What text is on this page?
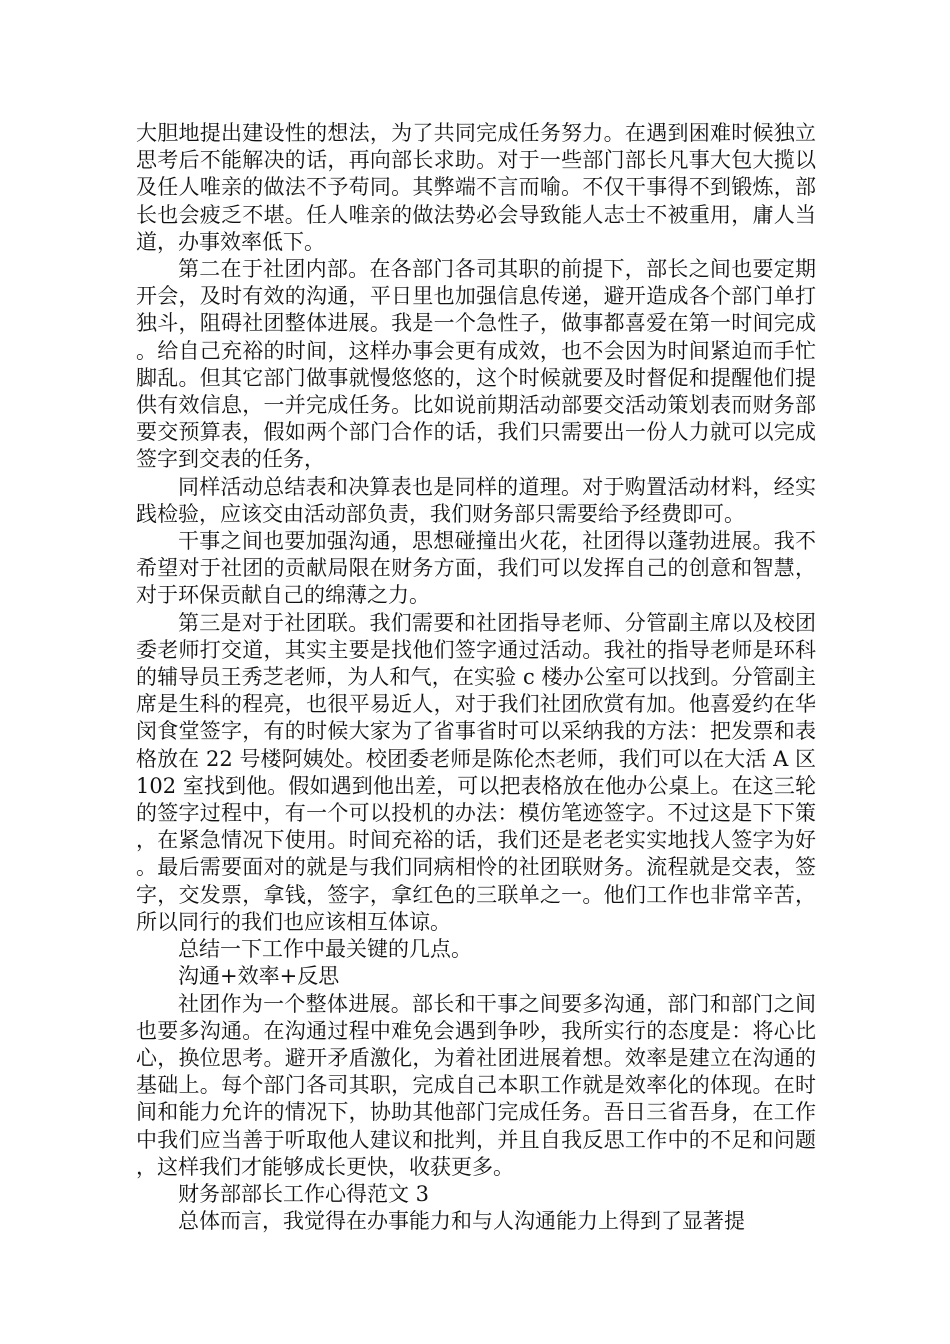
大胆地提出建设性的想法，为了共同完成任务努力。在遇到困难时候独立思考后不能解决的话，再向部长求助。对于一些部门部长凡事大包大揽以及任人唯亲的做法不予苟同。其弊端不言而喻。不仅干事得不到锻炼，部长也会疲乏不堪。任人唯亲的做法势必会导致能人志士不被重用，庸人当道，办事效率低下。

第二在于社团内部。在各部门各司其职的前提下，部长之间也要定期开会，及时有效的沟通，平日里也加强信息传递，避开造成各个部门单打独斗，阻碍社团整体进展。我是一个急性子，做事都喜爱在第一时间完成。给自己充裕的时间，这样办事会更有成效，也不会因为时间紧迫而手忙脚乱。但其它部门做事就慢悠悠的，这个时候就要及时督促和提醒他们提供有效信息，一并完成任务。比如说前期活动部要交活动策划表而财务部要交预算表，假如两个部门合作的话，我们只需要出一份人力就可以完成签字到交表的任务，

同样活动总结表和决算表也是同样的道理。对于购置活动材料，经实践检验，应该交由活动部负责，我们财务部只需要给予经费即可。

干事之间也要加强沟通，思想碰撞出火花，社团得以蓬勃进展。我不希望对于社团的贡献局限在财务方面，我们可以发挥自己的创意和智慧，对于环保贡献自己的绵薄之力。

第三是对于社团联。我们需要和社团指导老师、分管副主席以及校团委老师打交道，其实主要是找他们签字通过活动。我社的指导老师是环科的辅导员王秀芝老师，为人和气，在实验 c 楼办公室可以找到。分管副主席是生科的程亮，也很平易近人，对于我们社团欣赏有加。他喜爱约在华闵食堂签字，有的时候大家为了省事省时可以采纳我的方法：把发票和表格放在 22 号楼阿姨处。校团委老师是陈伦杰老师，我们可以在大活 A 区 102 室找到他。假如遇到他出差，可以把表格放在他办公桌上。在这三轮的签字过程中，有一个可以投机的办法：模仿笔迹签字。不过这是下下策，在紧急情况下使用。时间充裕的话，我们还是老老实实地找人签字为好。最后需要面对的就是与我们同病相怜的社团联财务。流程就是交表，签字，交发票，拿钱，签字，拿红色的三联单之一。他们工作也非常辛苦，所以同行的我们也应该相互体谅。

总结一下工作中最关键的几点。

沟通+效率+反思

社团作为一个整体进展。部长和干事之间要多沟通，部门和部门之间也要多沟通。在沟通过程中难免会遇到争吵，我所实行的态度是：将心比心，换位思考。避开矛盾激化，为着社团进展着想。效率是建立在沟通的基础上。每个部门各司其职，完成自己本职工作就是效率化的体现。在时间和能力允许的情况下，协助其他部门完成任务。吾日三省吾身，在工作中我们应当善于听取他人建议和批判，并且自我反思工作中的不足和问题，这样我们才能够成长更快，收获更多。

财务部部长工作心得范文 3

总体而言，我觉得在办事能力和与人沟通能力上得到了显著提
